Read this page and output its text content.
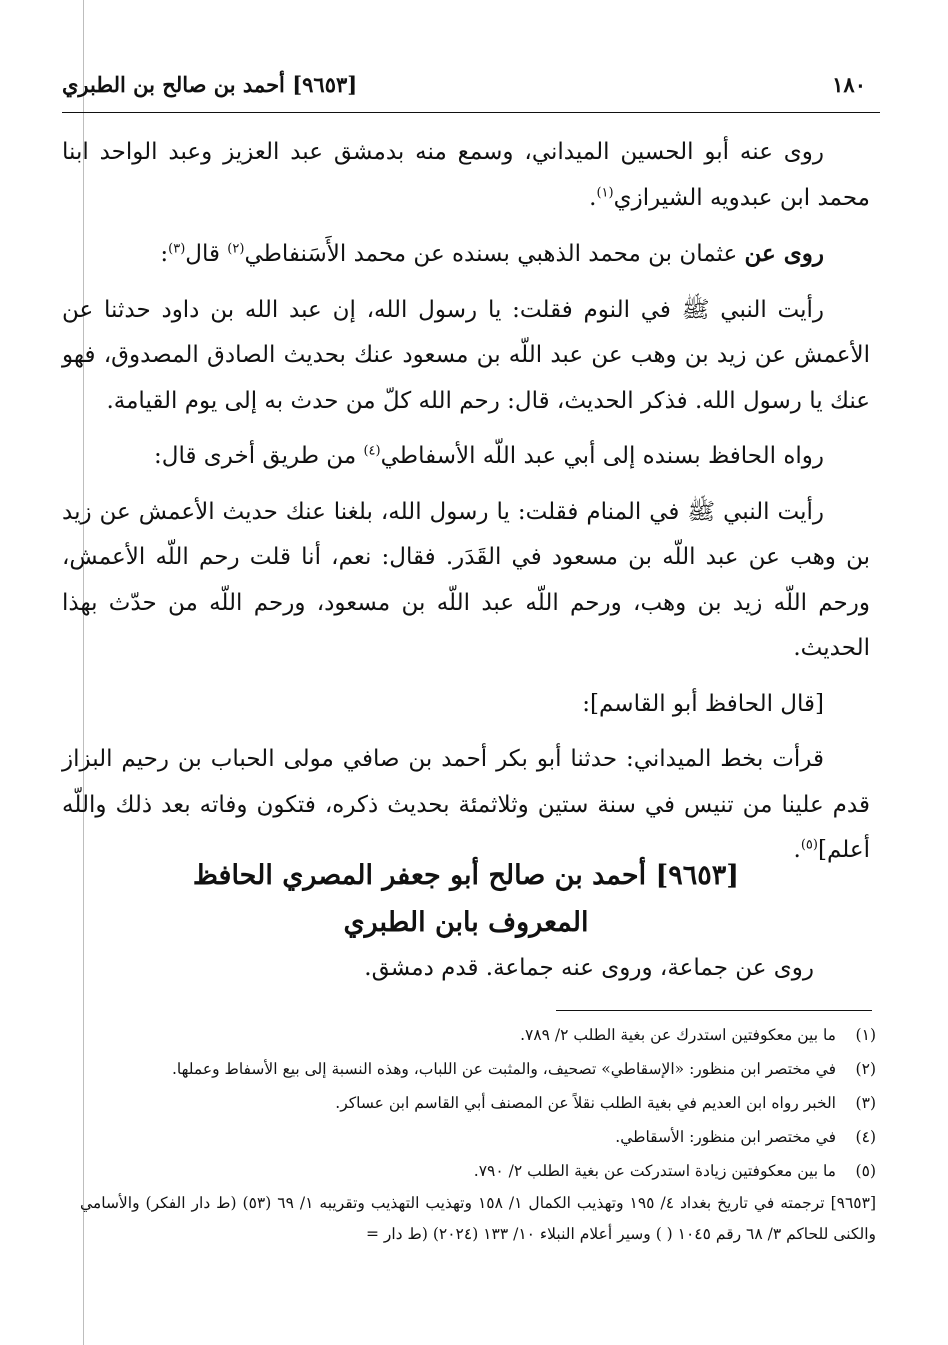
١٨٠
[٩٦٥٣] أحمد بن صالح بن الطبري

روى عنه أبو الحسين الميداني، وسمع منه بدمشق عبد العزيز وعبد الواحد ابنا محمد ابن عبدويه الشيرازي$^{(١)}$.

روى عن عثمان بن محمد الذهبي بسنده عن محمد الأَسَنفاطي$^{(٢)}$ قال$^{(٣)}$:

رأيت النبي ﷺ في النوم فقلت: يا رسول الله، إن عبد الله بن داود حدثنا عن الأعمش عن زيد بن وهب عن عبد اللّه بن مسعود عنك بحديث الصادق المصدوق، فهو عنك يا رسول الله. فذكر الحديث، قال: رحم الله كلّ من حدث به إلى يوم القيامة.

رواه الحافظ بسنده إلى أبي عبد اللّه الأسفاطي$^{(٤)}$ من طريق أخرى قال:

رأيت النبي ﷺ في المنام فقلت: يا رسول الله، بلغنا عنك حديث الأعمش عن زيد بن وهب عن عبد اللّه بن مسعود في القَدَر. فقال: نعم، أنا قلت رحم اللّه الأعمش، ورحم اللّه زيد بن وهب، ورحم اللّه عبد اللّه بن مسعود، ورحم اللّه من حدّث بهذا الحديث.

[قال الحافظ أبو القاسم]:

قرأت بخط الميداني: حدثنا أبو بكر أحمد بن صافي مولى الحباب بن رحيم البزاز قدم علينا من تنيس في سنة ستين وثلاثمئة بحديث ذكره، فتكون وفاته بعد ذلك واللّه أعلم]$^{(٥)}$.

[٩٦٥٣] أحمد بن صالح أبو جعفر المصري الحافظ
المعروف بابن الطبري
روى عن جماعة، وروى عنه جماعة. قدم دمشق.
(١)
ما بين معكوفتين استدرك عن بغية الطلب ٢/ ٧٨٩.
(٢)
في مختصر ابن منظور: «الإسقاطي» تصحيف، والمثبت عن اللباب، وهذه النسبة إلى بيع الأسفاط وعملها.
(٣)
الخبر رواه ابن العديم في بغية الطلب نقلاً عن المصنف أبي القاسم ابن عساكر.
(٤)
في مختصر ابن منظور: الأسقاطي.
(٥)
ما بين معكوفتين زيادة استدركت عن بغية الطلب ٢/ ٧٩٠.
[٩٦٥٣] ترجمته في تاريخ بغداد ٤/ ١٩٥ وتهذيب الكمال ١/ ١٥٨ وتهذيب التهذيب وتقريبه ١/ ٦٩ (٥٣) (ط دار الفكر) والأسامي والكنى للحاكم ٣/ ٦٨ رقم ١٠٤٥ ( ) وسير أعلام النبلاء ١٠/ ١٣٣ (٢٠٢٤) (ط دار =
